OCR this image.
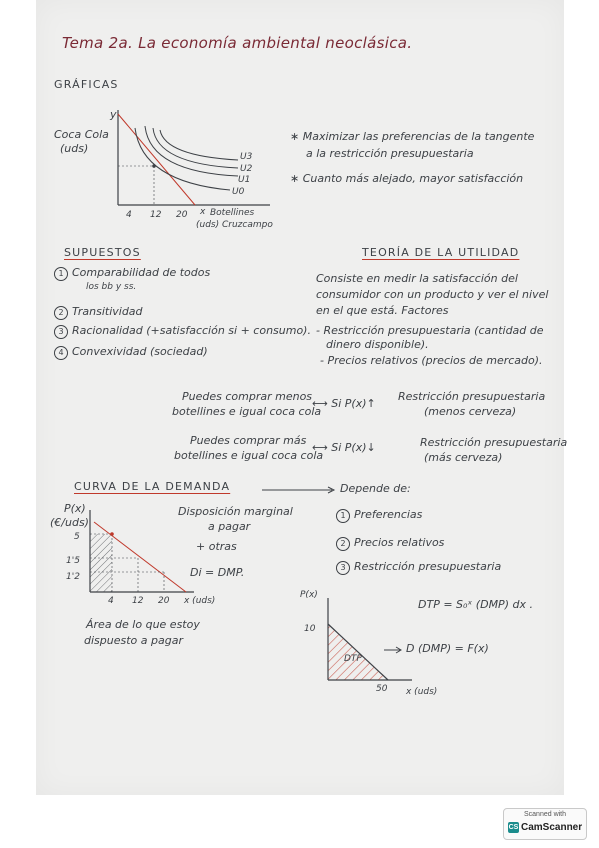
Tema 2a. La economía ambiental neoclásica.
GRÁFICAS
y
Coca Cola
(uds)
U3
U2
U1
U0
4 12 20 x Botellines
(uds) Cruzcampo
∗ Maximizar las preferencias de la tangente
a la restricción presupuestaria
∗ Cuanto más alejado, mayor satisfacción
SUPUESTOS
1 Comparabilidad de todos
los bb y ss.
2 Transitividad
3 Racionalidad (+satisfacción si + consumo).
4 Convexividad (sociedad)
TEORÍA DE LA UTILIDAD
Consiste en medir la satisfacción del
consumidor con un producto y ver el nivel
en el que está. Factores
- Restricción presupuestaria (cantidad de
dinero disponible).
- Precios relativos (precios de mercado).
Puedes comprar menos
botellines e igual coca cola
⟷ Si P(x)↑
Restricción presupuestaria
(menos cerveza)
Puedes comprar más
botellines e igual coca cola
⟷ Si P(x)↓	Restricción presupuestaria
(más cerveza)
CURVA DE LA DEMANDA	Depende de:
P(x)
(€/uds)
5
1'5
1'2
4 12 20 x (uds)
Disposición marginal
a pagar
+ otras
Di = DMP.
Área de lo que estoy
dispuesto a pagar
1 Preferencias
2 Precios relativos
3 Restricción presupuestaria
P(x)
10
DTP
50 x (uds)
DTP = S₀ˣ (DMP) dx .
D (DMP) = F(x)
Scanned with
CS CamScanner
